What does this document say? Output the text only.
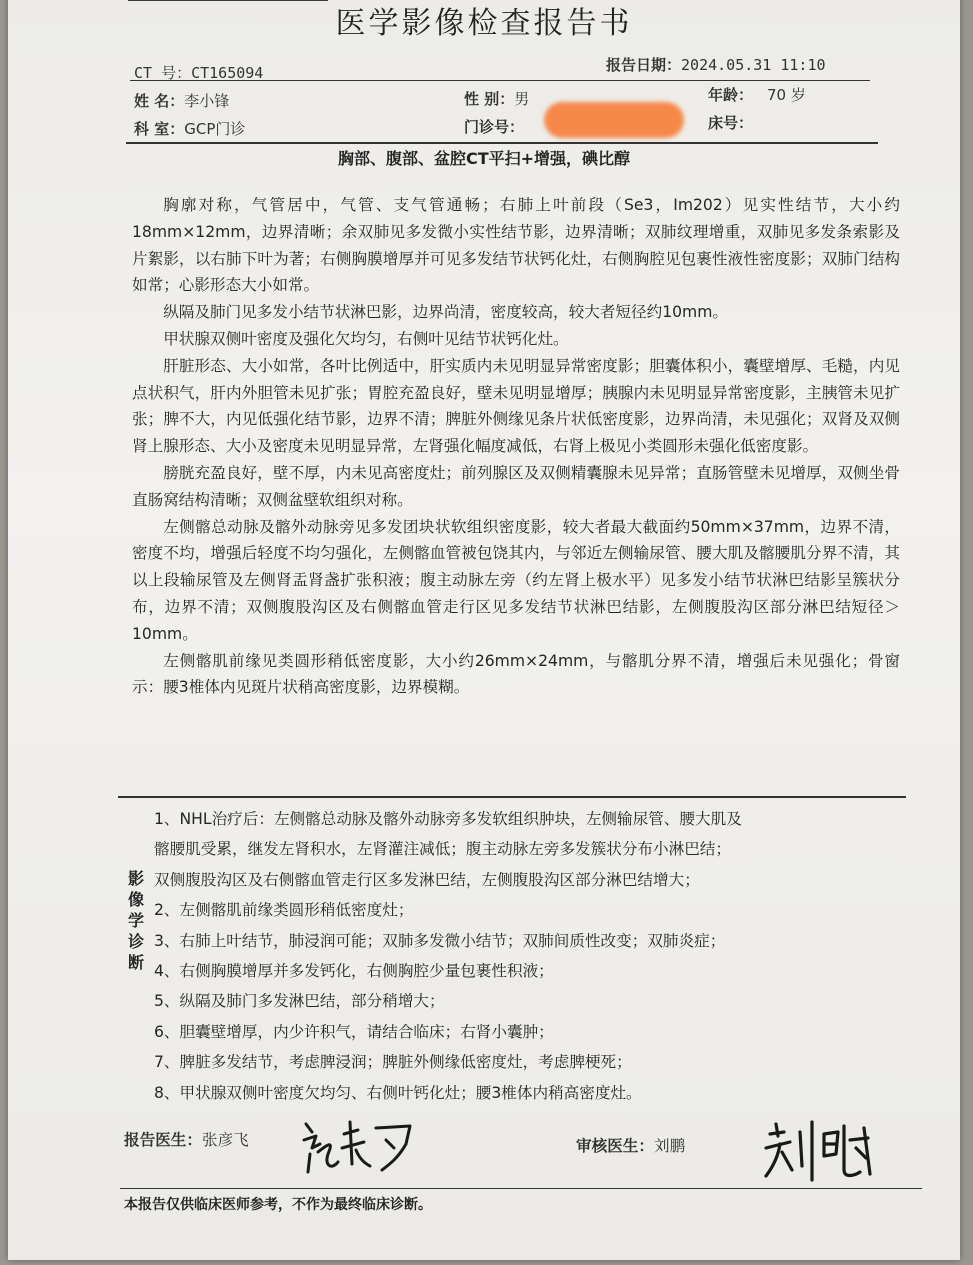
医学影像检查报告书
CT 号：CT165094	报告日期：2024.05.31 11:10
姓 名：李小锋	性 别：男	年龄： 70 岁
科 室：GCP门诊	门诊号：	床号：
胸部、腹部、盆腔CT平扫+增强，碘比醇

胸廓对称，气管居中，气管、支气管通畅；右肺上叶前段（Se3，Im202）见实性结节，大小约18mm×12mm，边界清晰；余双肺见多发微小实性结节影，边界清晰；双肺纹理增重，双肺见多发条索影及片絮影，以右肺下叶为著；右侧胸膜增厚并可见多发结节状钙化灶，右侧胸腔见包裹性液性密度影；双肺门结构如常；心影形态大小如常。

纵隔及肺门见多发小结节状淋巴影，边界尚清，密度较高，较大者短径约10mm。

甲状腺双侧叶密度及强化欠均匀，右侧叶见结节状钙化灶。

肝脏形态、大小如常，各叶比例适中，肝实质内未见明显异常密度影；胆囊体积小，囊壁增厚、毛糙，内见点状积气，肝内外胆管未见扩张；胃腔充盈良好，壁未见明显增厚；胰腺内未见明显异常密度影，主胰管未见扩张；脾不大，内见低强化结节影，边界不清；脾脏外侧缘见条片状低密度影，边界尚清，未见强化；双肾及双侧肾上腺形态、大小及密度未见明显异常，左肾强化幅度减低，右肾上极见小类圆形未强化低密度影。

膀胱充盈良好，壁不厚，内未见高密度灶；前列腺区及双侧精囊腺未见异常；直肠管壁未见增厚，双侧坐骨直肠窝结构清晰；双侧盆壁软组织对称。

左侧髂总动脉及髂外动脉旁见多发团块状软组织密度影，较大者最大截面约50mm×37mm，边界不清，密度不均，增强后轻度不均匀强化，左侧髂血管被包饶其内，与邻近左侧输尿管、腰大肌及髂腰肌分界不清，其以上段输尿管及左侧肾盂肾盏扩张积液；腹主动脉左旁（约左肾上极水平）见多发小结节状淋巴结影呈簇状分布，边界不清；双侧腹股沟区及右侧髂血管走行区见多发结节状淋巴结影，左侧腹股沟区部分淋巴结短径＞10mm。

左侧髂肌前缘见类圆形稍低密度影，大小约26mm×24mm，与髂肌分界不清，增强后未见强化；骨窗示：腰3椎体内见斑片状稍高密度影，边界模糊。

影
像
学
诊
断
1、NHL治疗后：左侧髂总动脉及髂外动脉旁多发软组织肿块，左侧输尿管、腰大肌及
髂腰肌受累，继发左肾积水，左肾灌注减低；腹主动脉左旁多发簇状分布小淋巴结；
双侧腹股沟区及右侧髂血管走行区多发淋巴结，左侧腹股沟区部分淋巴结增大；
2、左侧髂肌前缘类圆形稍低密度灶；
3、右肺上叶结节，肺浸润可能；双肺多发微小结节；双肺间质性改变；双肺炎症；
4、右侧胸膜增厚并多发钙化，右侧胸腔少量包裹性积液；
5、纵隔及肺门多发淋巴结，部分稍增大；
6、胆囊壁增厚，内少许积气，请结合临床；右肾小囊肿；
7、脾脏多发结节，考虑脾浸润；脾脏外侧缘低密度灶，考虑脾梗死；
8、甲状腺双侧叶密度欠均匀、右侧叶钙化灶；腰3椎体内稍高密度灶。
报告医生：张彦飞	审核医生：刘鹏
本报告仅供临床医师参考，不作为最终临床诊断。
